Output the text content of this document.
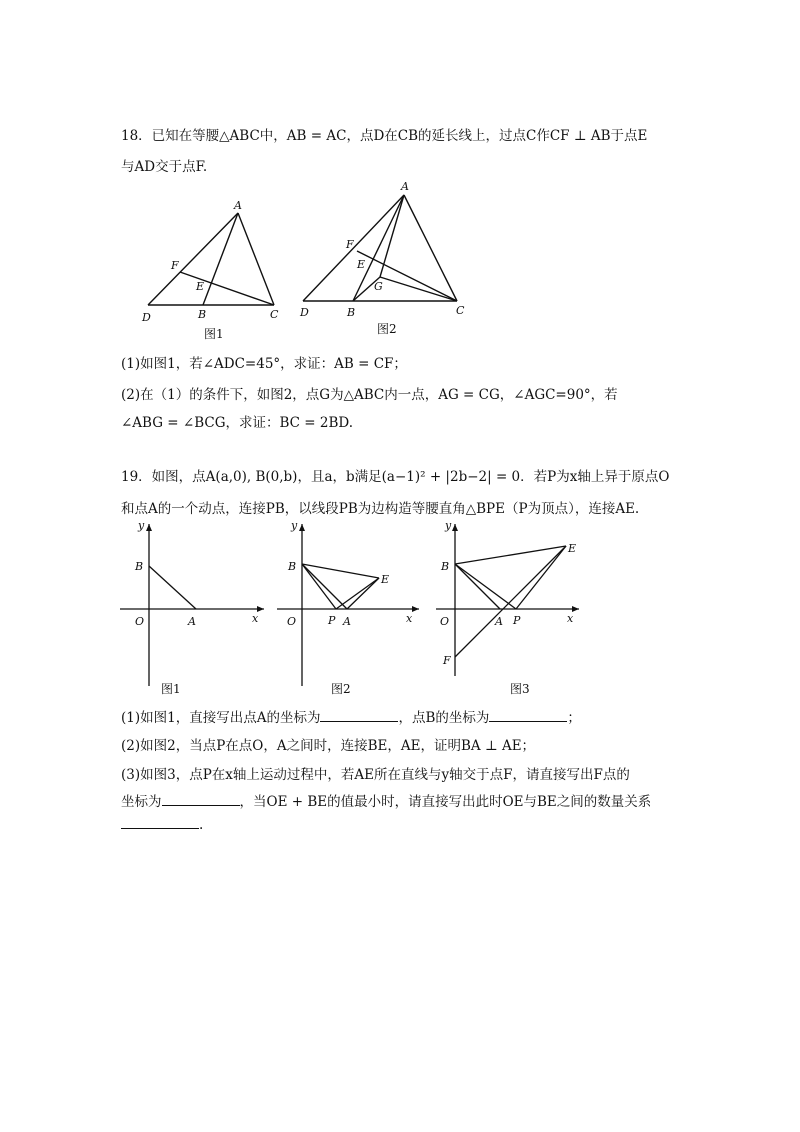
18．已知在等腰△ABC中，AB = AC，点D在CB的延长线上，过点C作CF ⊥ AB于点E
与AD交于点F.
A
B	C
D
E
F
图1
A
B	C
D
E
F
G
图2
(1)如图1，若∠ADC=45°，求证：AB = CF；
(2)在（1）的条件下，如图2，点G为△ABC内一点，AG = CG，∠AGC=90°，若
∠ABG = ∠BCG，求证：BC = 2BD.
19．如图，点A(a,0), B(0,b)，且a，b满足(a−1)² + |2b−2| = 0．若P为x轴上异于原点O
和点A的一个动点，连接PB，以线段PB为边构造等腰直角△BPE（P为顶点），连接AE.
x
y
O	A
B
图1
x
y
O	P A
B
E
图2
x
y
O	A P
B
E
F
图3
(1)如图1，直接写出点A的坐标为	，点B的坐标为	；
(2)如图2，当点P在点O，A之间时，连接BE，AE，证明BA ⊥ AE；
(3)如图3，点P在x轴上运动过程中，若AE所在直线与y轴交于点F，请直接写出F点的
坐标为	，当OE + BE的值最小时，请直接写出此时OE与BE之间的数量关系
.
